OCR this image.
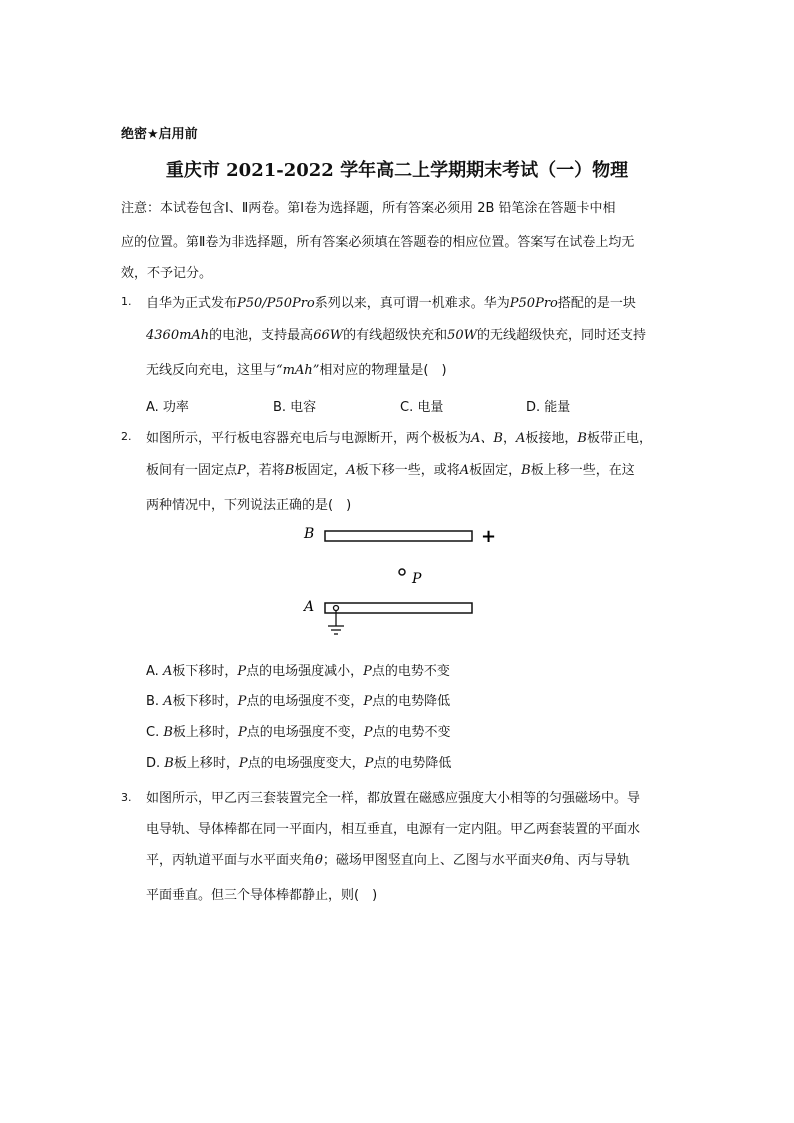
绝密★启用前
重庆市 2021-2022 学年高二上学期期末考试（一）物理
注意：本试卷包含Ⅰ、Ⅱ两卷。第Ⅰ卷为选择题，所有答案必须用 2B 铅笔涂在答题卡中相
应的位置。第Ⅱ卷为非选择题，所有答案必须填在答题卷的相应位置。答案写在试卷上均无
效，不予记分。
1. 自华为正式发布P50/P50Pro系列以来，真可谓一机难求。华为P50Pro搭配的是一块
4360mAh的电池，支持最高66W的有线超级快充和50W的无线超级快充，同时还支持
无线反向充电，这里与“mAh”相对应的物理量是(　)
A. 功率	B. 电容	C. 电量	D. 能量
2. 如图所示，平行板电容器充电后与电源断开，两个极板为A、B，A板接地，B板带正电，
板间有一固定点P，若将B板固定，A板下移一些，或将A板固定，B板上移一些，在这
两种情况中，下列说法正确的是(　)
B	+
P
A
A. A板下移时，P点的电场强度减小，P点的电势不变
B. A板下移时，P点的电场强度不变，P点的电势降低
C. B板上移时，P点的电场强度不变，P点的电势不变
D. B板上移时，P点的电场强度变大，P点的电势降低
3. 如图所示，甲乙丙三套装置完全一样，都放置在磁感应强度大小相等的匀强磁场中。导
电导轨、导体棒都在同一平面内，相互垂直，电源有一定内阻。甲乙两套装置的平面水
平，丙轨道平面与水平面夹角θ；磁场甲图竖直向上、乙图与水平面夹θ角、丙与导轨
平面垂直。但三个导体棒都静止，则(　)
